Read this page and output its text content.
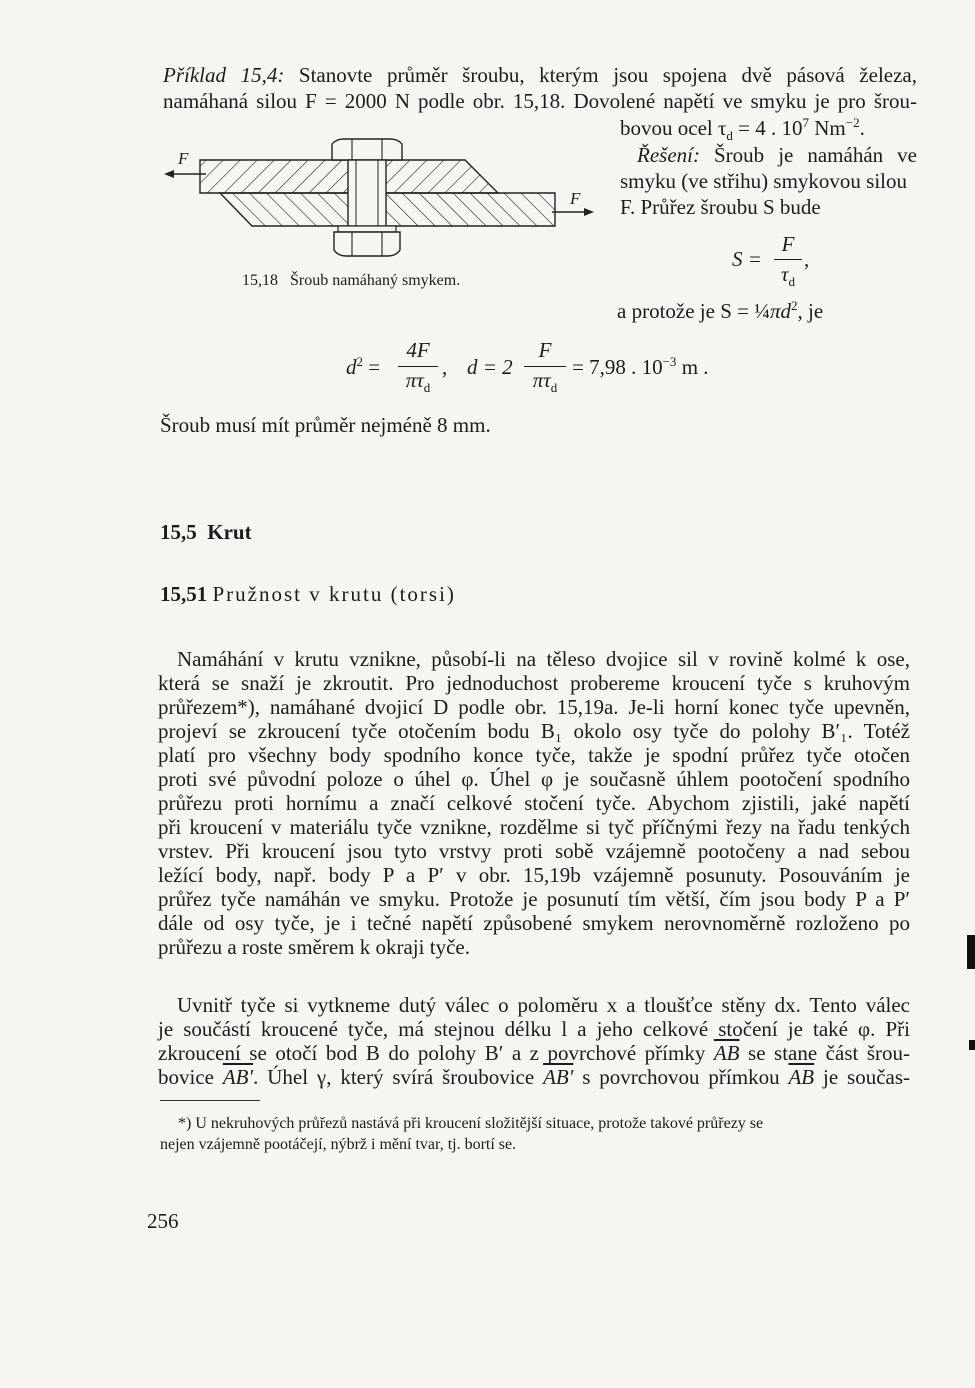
Příklad 15,4: Stanovte průměr šroubu, kterým jsou spojena dvě pásová železa,
namáhaná silou F = 2000 N podle obr. 15,18. Dovolené napětí ve smyku je pro šrou-
bovou ocel $\tau_d = 4$ . $10^7$ $Nm^{-2}$.
Řešení: Šroub je namáhán ve
smyku (ve střihu) smykovou silou
F. Průřez šroubu S bude
F
F
15,18 Šroub namáhaný smykem.
S =
F
$\tau_d$
,
a protože je $S = \frac{1}{4}\pi d^2$, je
$d^2$ =
4F
$\pi\tau_d$
, d = 2
F
$\pi\tau_d$
= 7,98 . $10^{-3}$ m .
Šroub musí mít průměr nejméně 8 mm.
15,5 Krut
15,51 Pružnost v krutu (torsi)
Namáhání v krutu vznikne, působí-li na těleso dvojice sil v rovině kolmé k ose,
která se snaží je zkroutit. Pro jednoduchost probereme kroucení tyče s kruhovým
průřezem*), namáhané dvojicí D podle obr. 15,19a. Je-li horní konec tyče upevněn,
projeví se zkroucení tyče otočením bodu B₁ okolo osy tyče do polohy B′₁. Totéž
platí pro všechny body spodního konce tyče, takže je spodní průřez tyče otočen
proti své původní poloze o úhel φ. Úhel φ je současně úhlem pootočení spodního
průřezu proti hornímu a značí celkové stočení tyče. Abychom zjistili, jaké napětí
při kroucení v materiálu tyče vznikne, rozdělme si tyč příčnými řezy na řadu tenkých
vrstev. Při kroucení jsou tyto vrstvy proti sobě vzájemně pootočeny a nad sebou
ležící body, např. body P a P′ v obr. 15,19b vzájemně posunuty. Posouváním je
průřez tyče namáhán ve smyku. Protože je posunutí tím větší, čím jsou body P a P′
dále od osy tyče, je i tečné napětí způsobené smykem nerovnoměrně rozloženo po
průřezu a roste směrem k okraji tyče.
Uvnitř tyče si vytkneme dutý válec o poloměru x a tloušťce stěny dx. Tento válec
je součástí kroucené tyče, má stejnou délku l a jeho celkové stočení je také φ. Při
zkroucení se otočí bod B do polohy B′ a z povrchové přímky $\overline{AB}$ se stane část šrou-
bovice AB′. Úhel γ, který svírá šroubovice AB′ s povrchovou přímkou $\overline{AB}$ je součas-
*) U nekruhových průřezů nastává při kroucení složitější situace, protože takové průřezy se
nejen vzájemně pootáčejí, nýbrž i mění tvar, tj. bortí se.
256
